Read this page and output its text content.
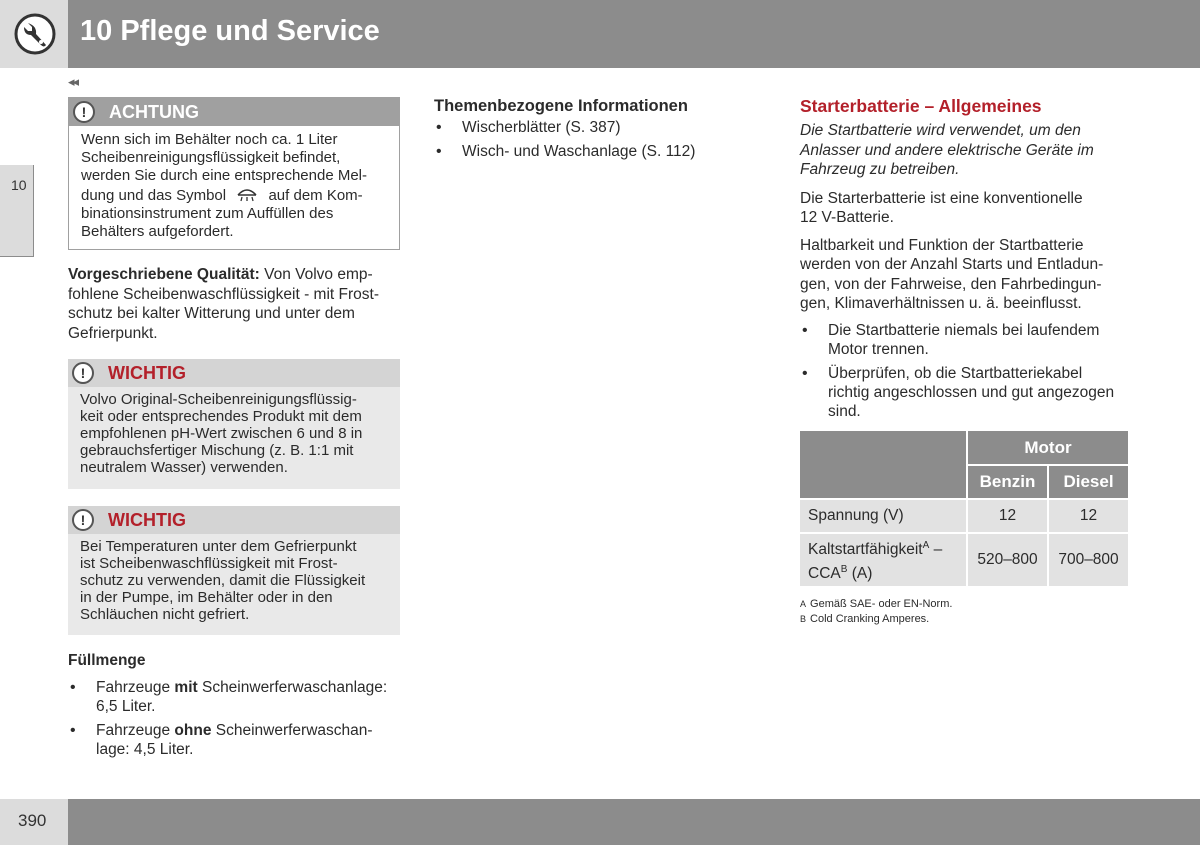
10 Pflege und Service
10
◂◂
!	ACHTUNG
Wenn sich im Behälter noch ca. 1 Liter
Scheibenreinigungsflüssigkeit befindet,
werden Sie durch eine entsprechende Mel-
dung und das Symbol	auf dem Kom-
binationsinstrument zum Auffüllen des
Behälters aufgefordert.
Vorgeschriebene Qualität: Von Volvo emp-
fohlene Scheibenwaschflüssigkeit - mit Frost-
schutz bei kalter Witterung und unter dem
Gefrierpunkt.
!	WICHTIG
Volvo Original-Scheibenreinigungsflüssig-
keit oder entsprechendes Produkt mit dem
empfohlenen pH-Wert zwischen 6 und 8 in
gebrauchsfertiger Mischung (z. B. 1:1 mit
neutralem Wasser) verwenden.
!	WICHTIG
Bei Temperaturen unter dem Gefrierpunkt
ist Scheibenwaschflüssigkeit mit Frost-
schutz zu verwenden, damit die Flüssigkeit
in der Pumpe, im Behälter oder in den
Schläuchen nicht gefriert.
Füllmenge
• Fahrzeuge mit Scheinwerferwaschanlage:
6,5 Liter.
• Fahrzeuge ohne Scheinwerferwaschan-
lage: 4,5 Liter.
Themenbezogene Informationen
• Wischerblätter (S. 387)
• Wisch- und Waschanlage (S. 112)
Starterbatterie – Allgemeines
Die Startbatterie wird verwendet, um den
Anlasser und andere elektrische Geräte im
Fahrzeug zu betreiben.
Die Starterbatterie ist eine konventionelle
12 V-Batterie.
Haltbarkeit und Funktion der Startbatterie
werden von der Anzahl Starts und Entladun-
gen, von der Fahrweise, den Fahrbedingun-
gen, Klimaverhältnissen u. ä. beeinflusst.
• Die Startbatterie niemals bei laufendem
Motor trennen.
• Überprüfen, ob die Startbatteriekabel
richtig angeschlossen und gut angezogen
sind.
	Motor	
	Benzin	Diesel
Spannung (V)	12	12
Kaltstartfähigkeit$^A$ –
$CCA^B$ (A)	520–800	700–800
A Gemäß SAE- oder EN-Norm.
B Cold Cranking Amperes.
390
